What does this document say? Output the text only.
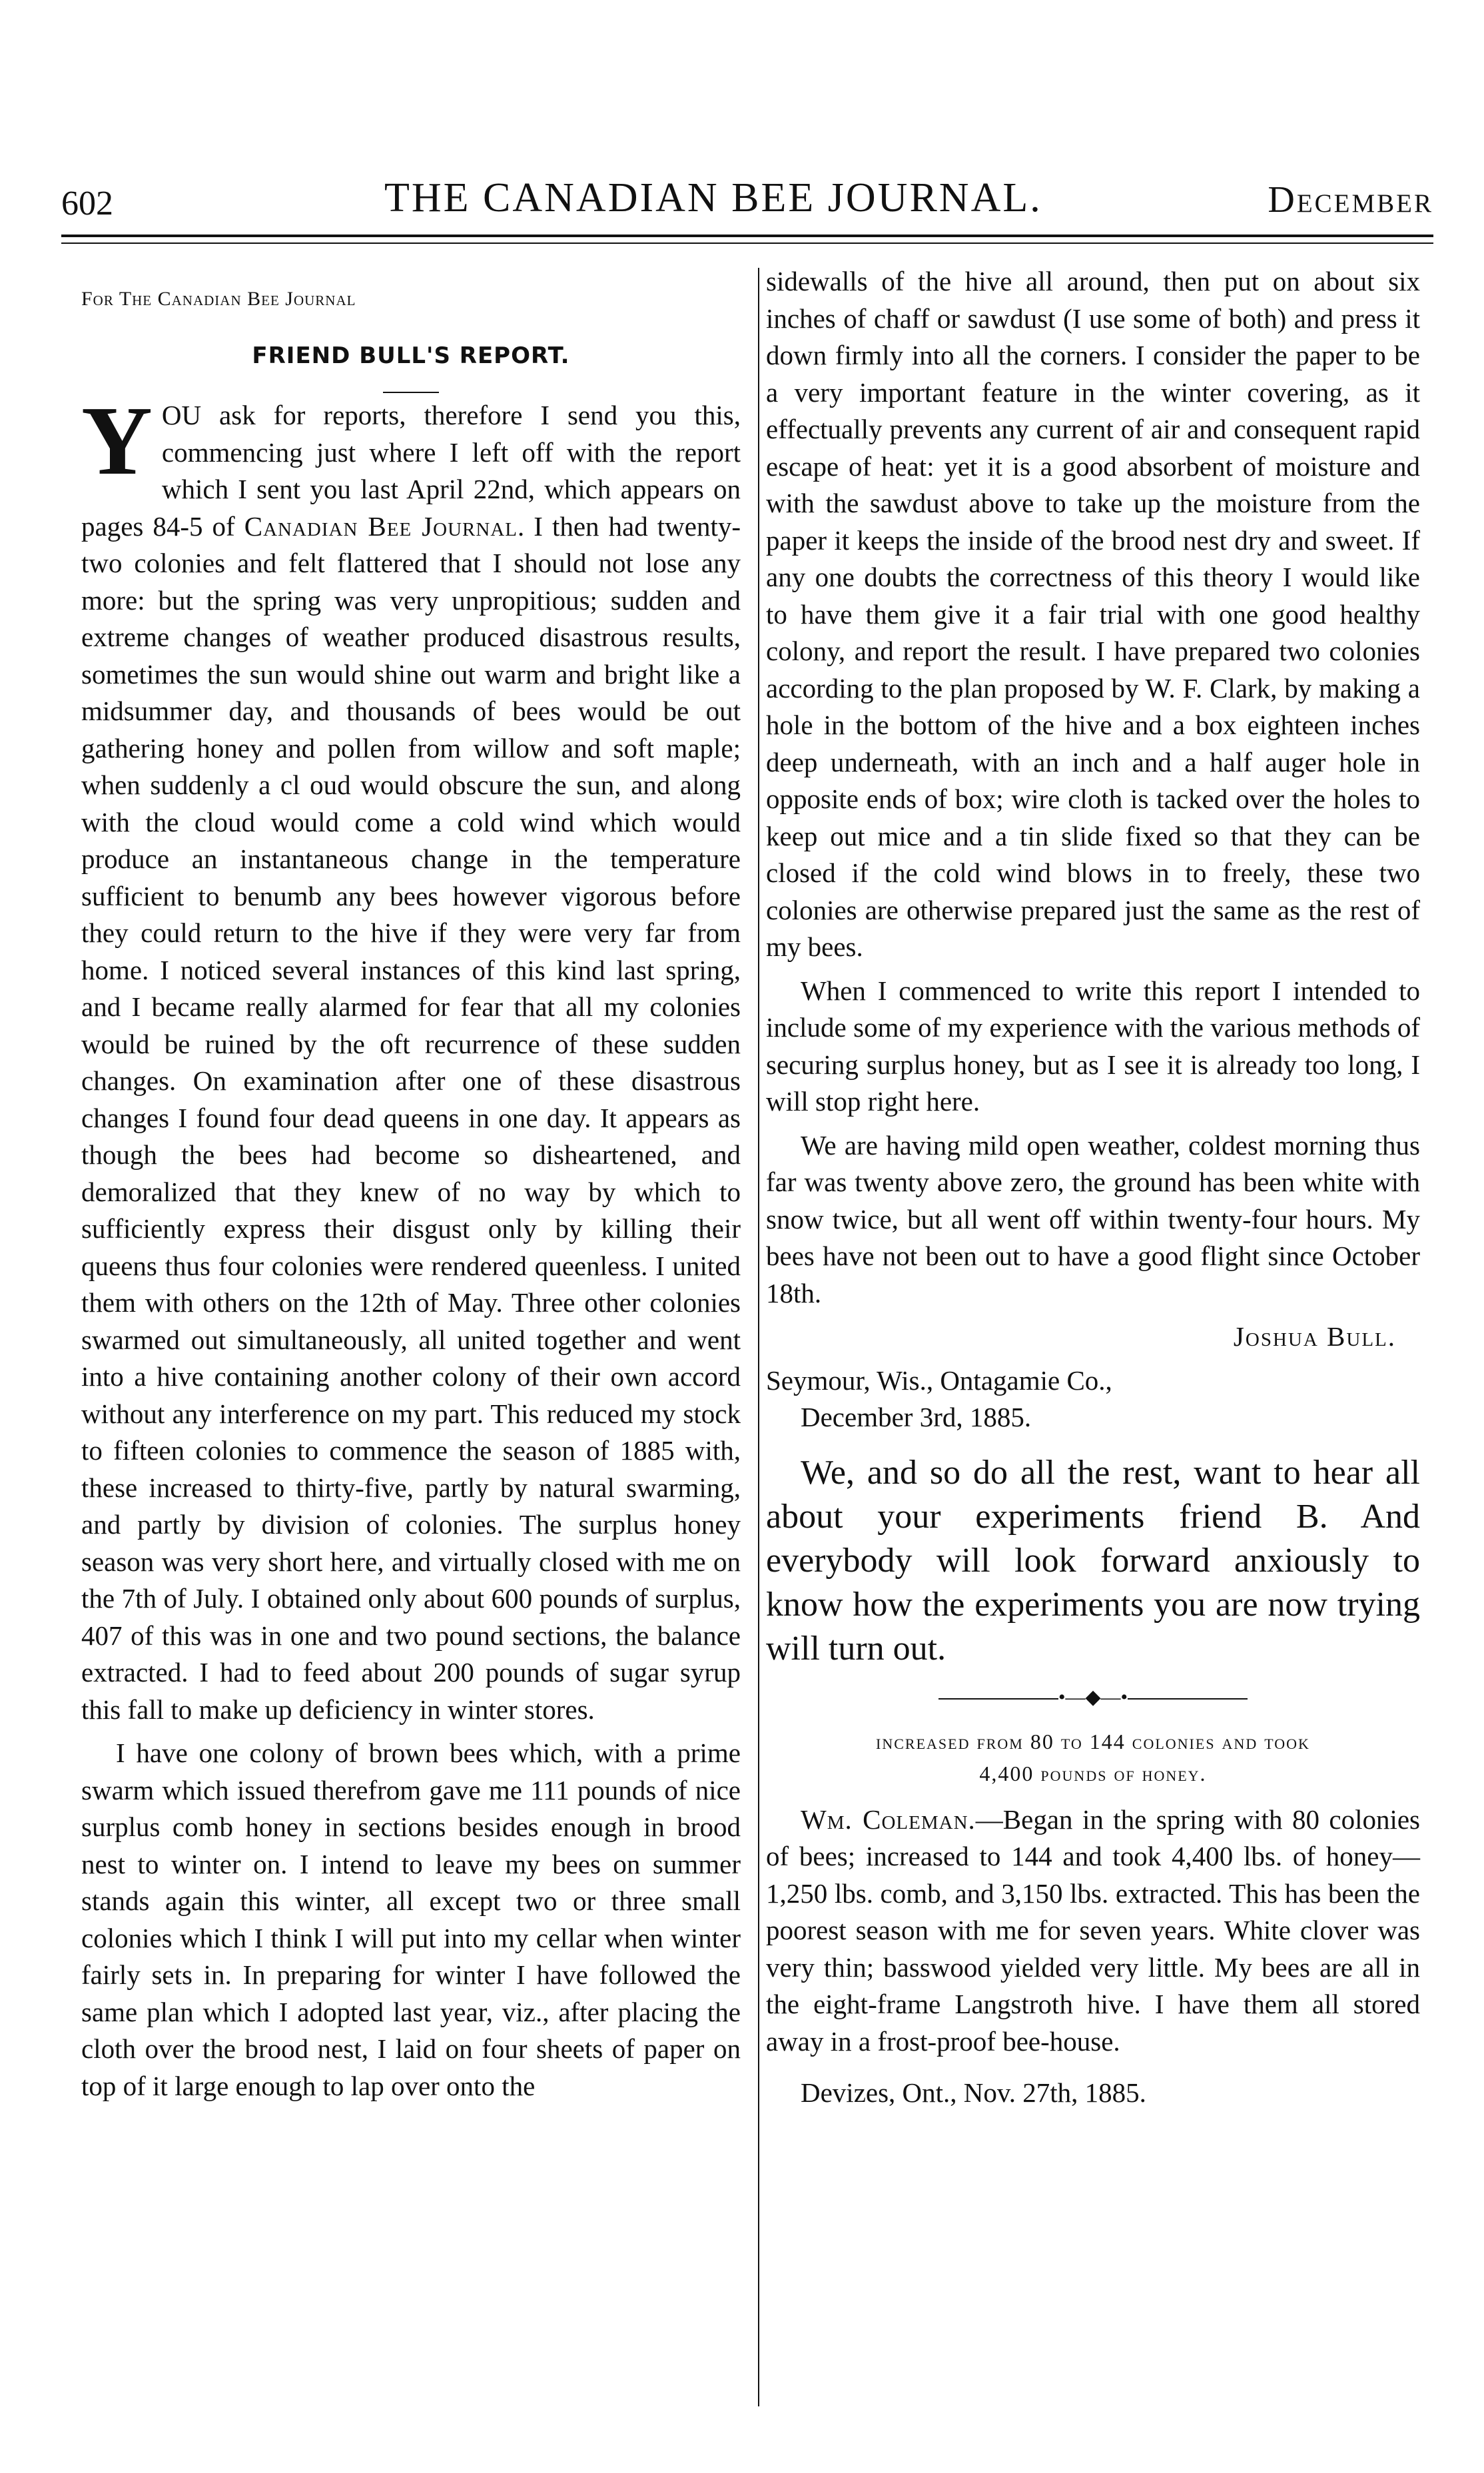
602	THE CANADIAN BEE JOURNAL.	December
For The Canadian Bee Journal
FRIEND BULL'S REPORT.

YOU ask for reports, therefore I send you this, commencing just where I left off with the report which I sent you last April 22nd, which appears on pages 84-5 of Canadian Bee Journal. I then had twenty-two colonies and felt flattered that I should not lose any more: but the spring was very unpropitious; sudden and extreme changes of weather produced disastrous results, sometimes the sun would shine out warm and bright like a midsummer day, and thousands of bees would be out gathering honey and pollen from willow and soft maple; when suddenly a cl oud would obscure the sun, and along with the cloud would come a cold wind which would produce an instantaneous change in the temperature sufficient to benumb any bees however vigorous before they could return to the hive if they were very far from home. I noticed several instances of this kind last spring, and I became really alarmed for fear that all my colonies would be ruined by the oft recurrence of these sudden changes. On examination after one of these disastrous changes I found four dead queens in one day. It appears as though the bees had become so disheartened, and demoralized that they knew of no way by which to sufficiently express their disgust only by killing their queens thus four colonies were rendered queenless. I united them with others on the 12th of May. Three other colonies swarmed out simultaneously, all united together and went into a hive containing another colony of their own accord without any interference on my part. This reduced my stock to fifteen colonies to commence the season of 1885 with, these increased to thirty-five, partly by natural swarming, and partly by division of colonies. The surplus honey season was very short here, and virtually closed with me on the 7th of July. I obtained only about 600 pounds of surplus, 407 of this was in one and two pound sections, the balance extracted. I had to feed about 200 pounds of sugar syrup this fall to make up deficiency in winter stores.

I have one colony of brown bees which, with a prime swarm which issued therefrom gave me 111 pounds of nice surplus comb honey in sections besides enough in brood nest to winter on. I intend to leave my bees on summer stands again this winter, all except two or three small colonies which I think I will put into my cellar when winter fairly sets in. In preparing for winter I have followed the same plan which I adopted last year, viz., after placing the cloth over the brood nest, I laid on four sheets of paper on top of it large enough to lap over onto the

sidewalls of the hive all around, then put on about six inches of chaff or sawdust (I use some of both) and press it down firmly into all the corners. I consider the paper to be a very important feature in the winter covering, as it effectually prevents any current of air and consequent rapid escape of heat: yet it is a good absorbent of moisture and with the sawdust above to take up the moisture from the paper it keeps the inside of the brood nest dry and sweet. If any one doubts the correctness of this theory I would like to have them give it a fair trial with one good healthy colony, and report the result. I have prepared two colonies according to the plan proposed by W. F. Clark, by making a hole in the bottom of the hive and a box eighteen inches deep underneath, with an inch and a half auger hole in opposite ends of box; wire cloth is tacked over the holes to keep out mice and a tin slide fixed so that they can be closed if the cold wind blows in to freely, these two colonies are otherwise prepared just the same as the rest of my bees.

When I commenced to write this report I intended to include some of my experience with the various methods of securing surplus honey, but as I see it is already too long, I will stop right here.

We are having mild open weather, coldest morning thus far was twenty above zero, the ground has been white with snow twice, but all went off within twenty-four hours. My bees have not been out to have a good flight since October 18th.

Joshua Bull.

Seymour, Wis., Ontagamie Co.,
December 3rd, 1885.

We, and so do all the rest, want to hear all about your experiments friend B. And everybody will look forward anxiously to know how the experiments you are now trying will turn out.

•—◆—•
increased from 80 to 144 colonies and took
4,400 pounds of honey.

Wm. Coleman.—Began in the spring with 80 colonies of bees; increased to 144 and took 4,400 lbs. of honey—1,250 lbs. comb, and 3,150 lbs. extracted. This has been the poorest season with me for seven years. White clover was very thin; basswood yielded very little. My bees are all in the eight-frame Langstroth hive. I have them all stored away in a frost-proof bee-house.

Devizes, Ont., Nov. 27th, 1885.
